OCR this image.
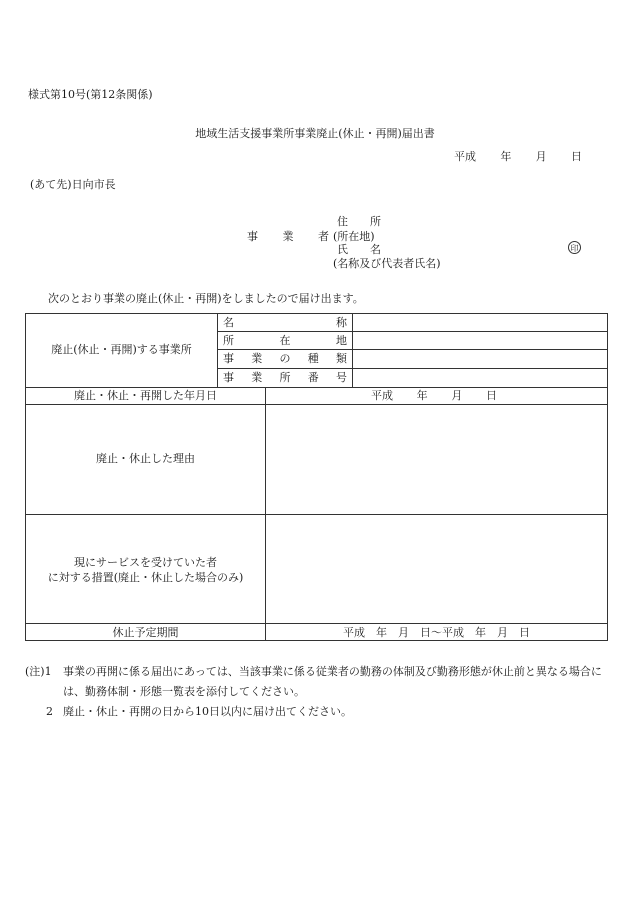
様式第10号(第12条関係)
地域生活支援事業所事業廃止(休止・再開)届出書
平成 年 月 日
(あて先)日向市長
住 所
事 業 者 (所在地)
氏 名	印
(名称及び代表者氏名)
次のとおり事業の廃止(休止・再開)をしましたので届け出ます。
廃止(休止・再開)する事業所
名	称
所	在	地
事 業 の 種 類
事 業 所 番 号
廃止・休止・再開した年月日	平成 年 月 日
廃止・休止した理由
現にサービスを受けていた者
に対する措置(廃止・休止した場合のみ)
休止予定期間	平成　年　月　日〜平成　年　月　日
(注)1	事業の再開に係る届出にあっては、当該事業に係る従業者の勤務の体制及び勤務形態が休止前と異なる場合には、勤務体制・形態一覧表を添付してください。
2 廃止・休止・再開の日から10日以内に届け出てください。
